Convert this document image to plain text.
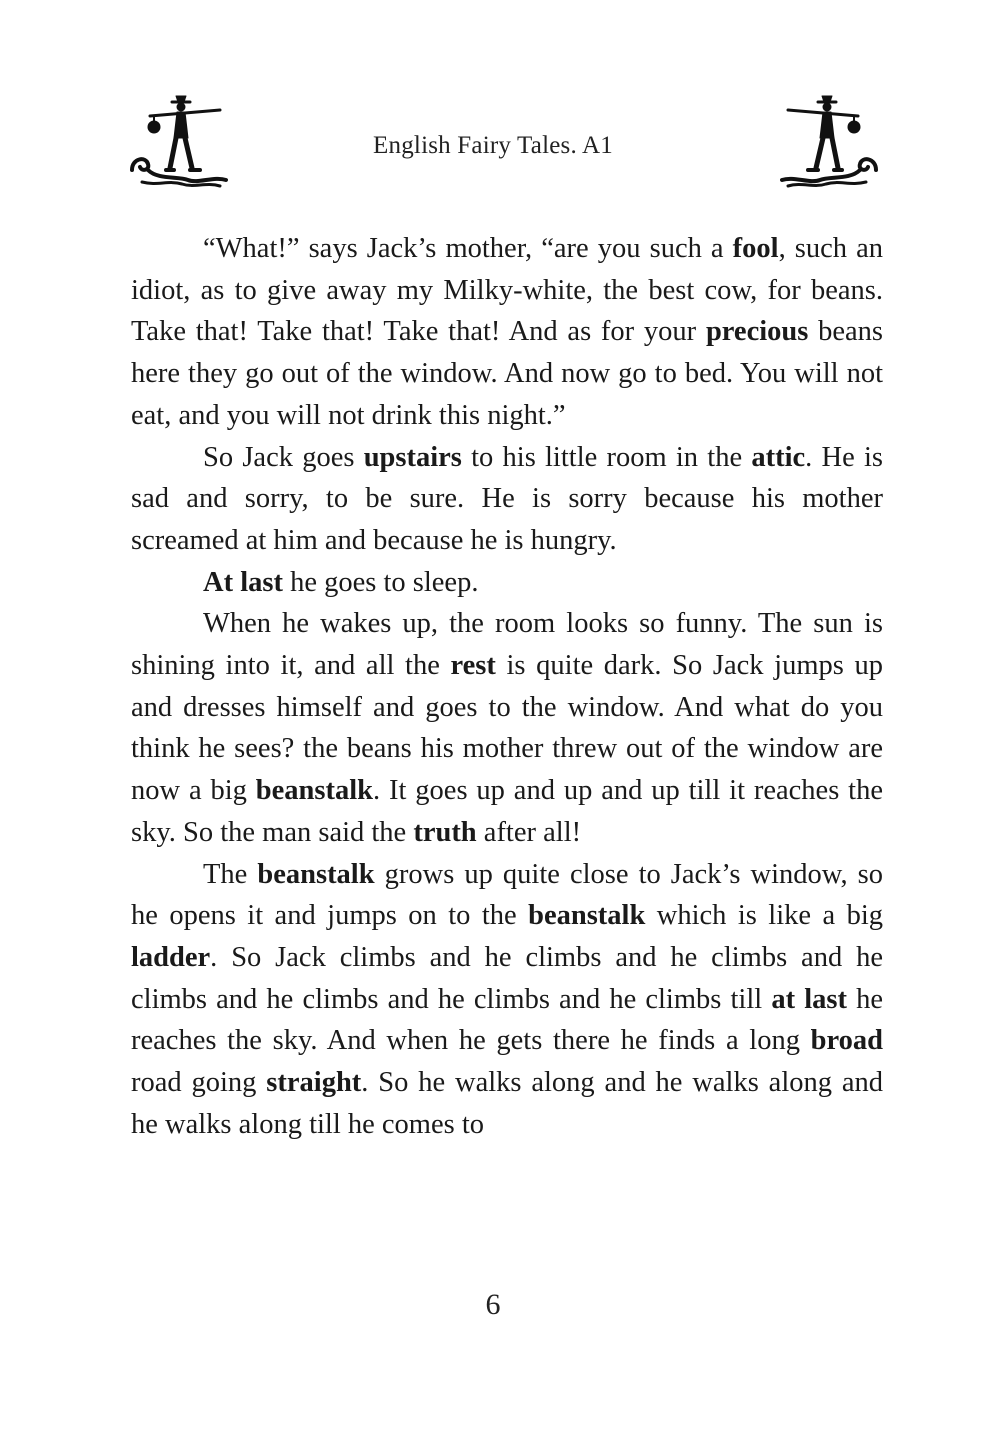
English Fairy Tales. A1

“What!” says Jack’s mother, “are you such a fool, such an idiot, as to give away my Milky-white, the best cow, for beans. Take that! Take that! Take that! And as for your precious beans here they go out of the window. And now go to bed. You will not eat, and you will not drink this night.”

So Jack goes upstairs to his little room in the attic. He is sad and sorry, to be sure. He is sorry because his mother screamed at him and because he is hungry.

At last he goes to sleep.

When he wakes up, the room looks so funny. The sun is shining into it, and all the rest is quite dark. So Jack jumps up and dresses himself and goes to the window. And what do you think he sees? the beans his mother threw out of the window are now a big beanstalk. It goes up and up and up till it reaches the sky. So the man said the truth after all!

The beanstalk grows up quite close to Jack’s window, so he opens it and jumps on to the beanstalk which is like a big ladder. So Jack climbs and he climbs and he climbs and he climbs and he climbs and he climbs and he climbs till at last he reaches the sky. And when he gets there he finds a long broad road going straight. So he walks along and he walks along and he walks along till he comes to

6
